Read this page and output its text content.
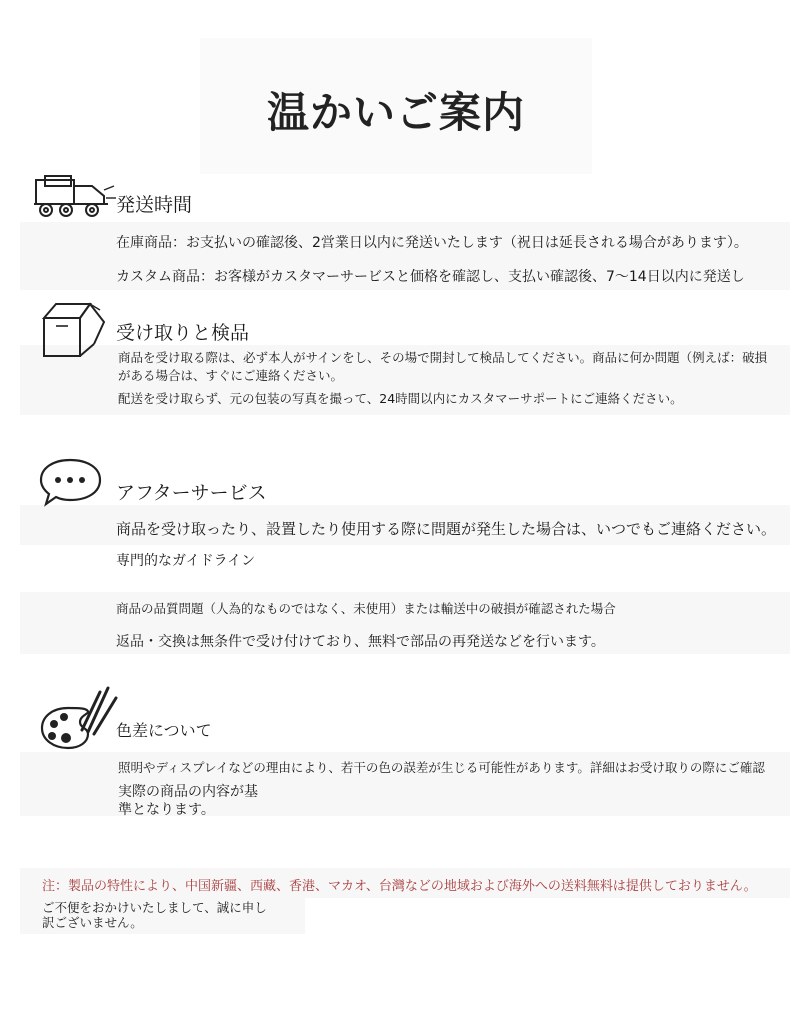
温かいご案内
発送時間
在庫商品：お支払いの確認後、2営業日以内に発送いたします（祝日は延長される場合があります）。
カスタム商品：お客様がカスタマーサービスと価格を確認し、支払い確認後、7〜14日以内に発送し
受け取りと検品
商品を受け取る際は、必ず本人がサインをし、その場で開封して検品してください。商品に何か問題（例えば：破損
がある場合は、すぐにご連絡ください。
配送を受け取らず、元の包装の写真を撮って、24時間以内にカスタマーサポートにご連絡ください。
アフターサービス
商品を受け取ったり、設置したり使用する際に問題が発生した場合は、いつでもご連絡ください。
専門的なガイドライン
商品の品質問題（人為的なものではなく、未使用）または輸送中の破損が確認された場合
返品・交換は無条件で受け付けており、無料で部品の再発送などを行います。
色差について
照明やディスプレイなどの理由により、若干の色の誤差が生じる可能性があります。詳細はお受け取りの際にご確認
実際の商品の内容が基
準となります。
注：製品の特性により、中国新疆、西藏、香港、マカオ、台灣などの地域および海外への送料無料は提供しておりません。
ご不便をおかけいたしまして、誠に申し
訳ございません。
